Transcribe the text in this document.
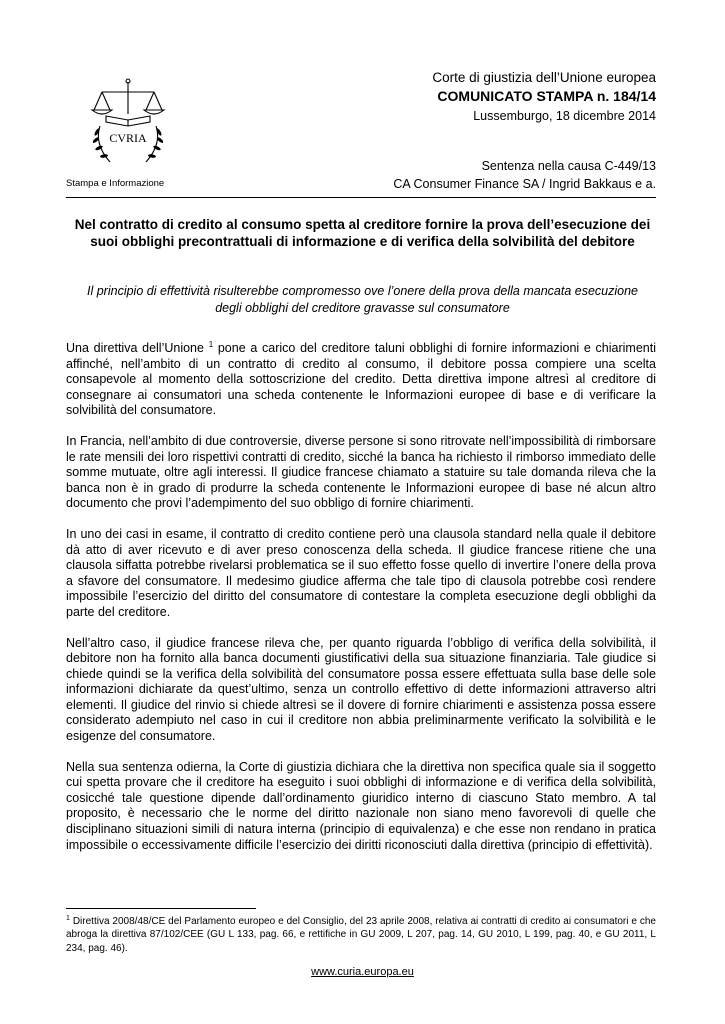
CVRIA
Stampa e Informazione
Corte di giustizia dell’Unione europea
COMUNICATO STAMPA n. 184/14
Lussemburgo, 18 dicembre 2014
Sentenza nella causa C-449/13
CA Consumer Finance SA / Ingrid Bakkaus e a.
Nel contratto di credito al consumo spetta al creditore fornire la prova dell’esecuzione dei suoi obblighi precontrattuali di informazione e di verifica della solvibilità del debitore
Il principio di effettività risulterebbe compromesso ove l’onere della prova della mancata esecuzione degli obblighi del creditore gravasse sul consumatore

Una direttiva dell’Unione $^1$ pone a carico del creditore taluni obblighi di fornire informazioni e chiarimenti affinché, nell’ambito di un contratto di credito al consumo, il debitore possa compiere una scelta consapevole al momento della sottoscrizione del credito. Detta direttiva impone altresì al creditore di consegnare ai consumatori una scheda contenente le Informazioni europee di base e di verificare la solvibilità del consumatore.

In Francia, nell’ambito di due controversie, diverse persone si sono ritrovate nell’impossibilità di rimborsare le rate mensili dei loro rispettivi contratti di credito, sicché la banca ha richiesto il rimborso immediato delle somme mutuate, oltre agli interessi. Il giudice francese chiamato a statuire su tale domanda rileva che la banca non è in grado di produrre la scheda contenente le Informazioni europee di base né alcun altro documento che provi l’adempimento del suo obbligo di fornire chiarimenti.

In uno dei casi in esame, il contratto di credito contiene però una clausola standard nella quale il debitore dà atto di aver ricevuto e di aver preso conoscenza della scheda. Il giudice francese ritiene che una clausola siffatta potrebbe rivelarsi problematica se il suo effetto fosse quello di invertire l’onere della prova a sfavore del consumatore. Il medesimo giudice afferma che tale tipo di clausola potrebbe così rendere impossibile l’esercizio del diritto del consumatore di contestare la completa esecuzione degli obblighi da parte del creditore.

Nell’altro caso, il giudice francese rileva che, per quanto riguarda l’obbligo di verifica della solvibilità, il debitore non ha fornito alla banca documenti giustificativi della sua situazione finanziaria. Tale giudice si chiede quindi se la verifica della solvibilità del consumatore possa essere effettuata sulla base delle sole informazioni dichiarate da quest’ultimo, senza un controllo effettivo di dette informazioni attraverso altri elementi. Il giudice del rinvio si chiede altresì se il dovere di fornire chiarimenti e assistenza possa essere considerato adempiuto nel caso in cui il creditore non abbia preliminarmente verificato la solvibilità e le esigenze del consumatore.

Nella sua sentenza odierna, la Corte di giustizia dichiara che la direttiva non specifica quale sia il soggetto cui spetta provare che il creditore ha eseguito i suoi obblighi di informazione e di verifica della solvibilità, cosicché tale questione dipende dall’ordinamento giuridico interno di ciascuno Stato membro. A tal proposito, è necessario che le norme del diritto nazionale non siano meno favorevoli di quelle che disciplinano situazioni simili di natura interna (principio di equivalenza) e che esse non rendano in pratica impossibile o eccessivamente difficile l’esercizio dei diritti riconosciuti dalla direttiva (principio di effettività).

$^1$ Direttiva 2008/48/CE del Parlamento europeo e del Consiglio, del 23 aprile 2008, relativa ai contratti di credito ai consumatori e che abroga la direttiva 87/102/CEE (GU L 133, pag. 66, e rettifiche in GU 2009, L 207, pag. 14, GU 2010, L 199, pag. 40, e GU 2011, L 234, pag. 46).
www.curia.europa.eu
